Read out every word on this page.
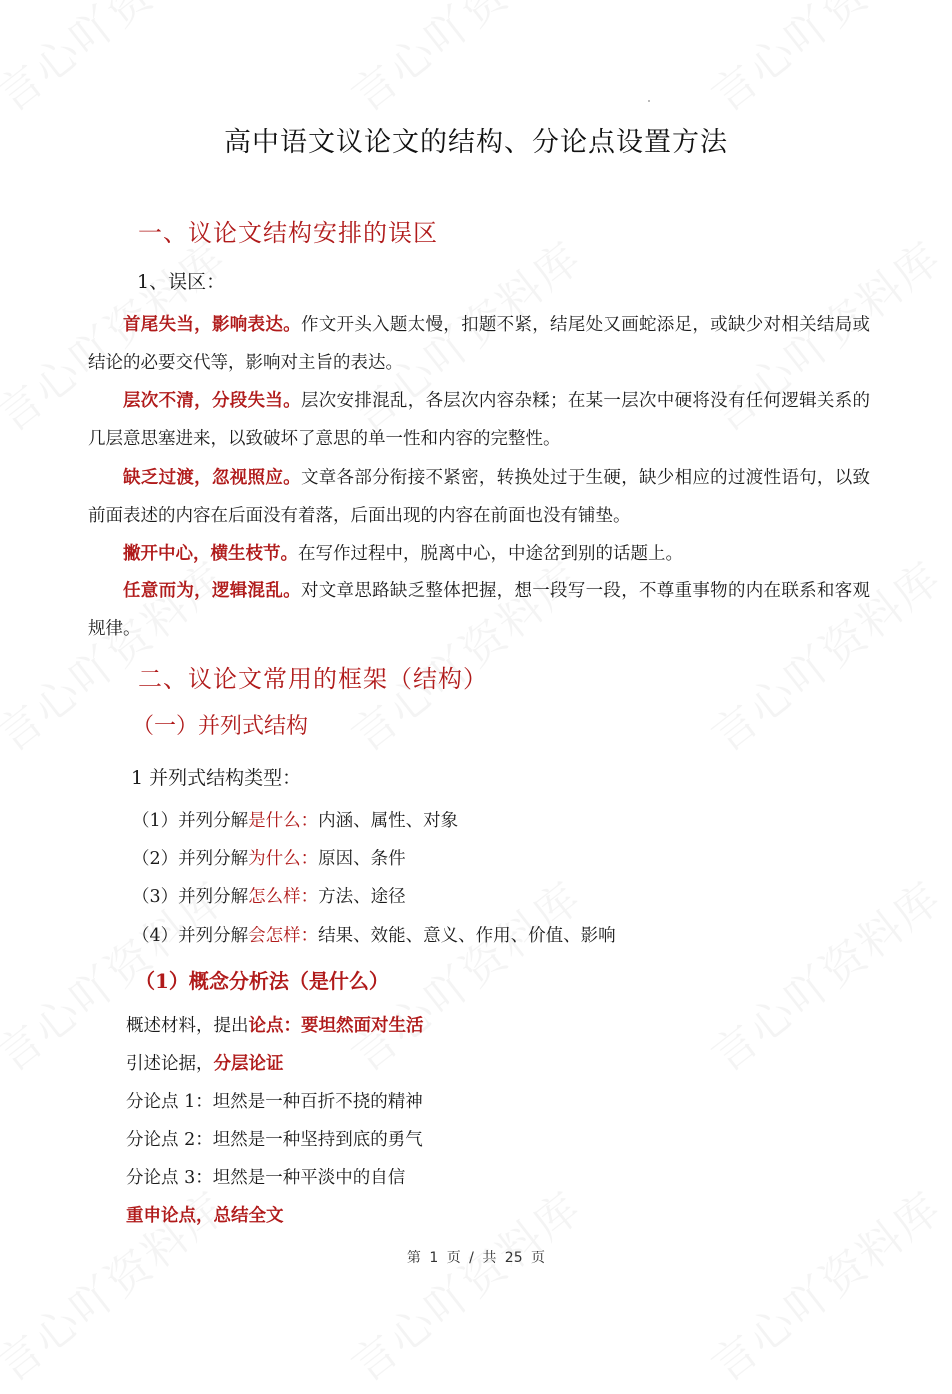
高中语文议论文的结构、分论点设置方法
一、议论文结构安排的误区
1、误区：
首尾失当，影响表达。作文开头入题太慢，扣题不紧，结尾处又画蛇添足，或缺少对相关结局或结论的必要交代等，影响对主旨的表达。
层次不清，分段失当。层次安排混乱，各层次内容杂糅；在某一层次中硬将没有任何逻辑关系的几层意思塞进来，以致破坏了意思的单一性和内容的完整性。
缺乏过渡，忽视照应。文章各部分衔接不紧密，转换处过于生硬，缺少相应的过渡性语句，以致前面表述的内容在后面没有着落，后面出现的内容在前面也没有铺垫。
撇开中心，横生枝节。在写作过程中，脱离中心，中途岔到别的话题上。
任意而为，逻辑混乱。对文章思路缺乏整体把握，想一段写一段，不尊重事物的内在联系和客观规律。
二、议论文常用的框架（结构）
（一）并列式结构
1 并列式结构类型：
（1）并列分解是什么：内涵、属性、对象
（2）并列分解为什么：原因、条件
（3）并列分解怎么样：方法、途径
（4）并列分解会怎样：结果、效能、意义、作用、价值、影响
（1）概念分析法（是什么）
概述材料，提出论点：要坦然面对生活
引述论据，分层论证
分论点 1：坦然是一种百折不挠的精神
分论点 2：坦然是一种坚持到底的勇气
分论点 3：坦然是一种平淡中的自信
重申论点，总结全文
第 1 页 / 共 25 页
